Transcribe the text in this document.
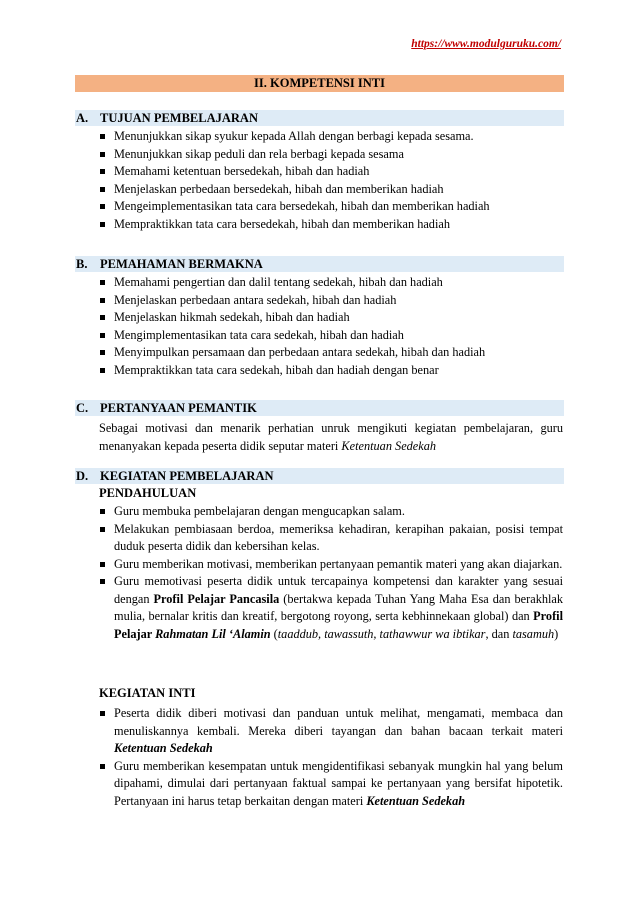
https://www.modulguruku.com/
II. KOMPETENSI INTI
A. TUJUAN PEMBELAJARAN
Menunjukkan sikap syukur kepada Allah dengan berbagi kepada sesama.
Menunjukkan sikap peduli dan rela berbagi kepada sesama
Memahami ketentuan bersedekah, hibah dan hadiah
Menjelaskan perbedaan bersedekah, hibah dan memberikan hadiah
Mengeimplementasikan tata cara bersedekah, hibah dan memberikan hadiah
Mempraktikkan tata cara bersedekah, hibah dan memberikan hadiah
B. PEMAHAMAN BERMAKNA
Memahami pengertian dan dalil tentang sedekah, hibah dan hadiah
Menjelaskan perbedaan antara sedekah, hibah dan hadiah
Menjelaskan hikmah sedekah, hibah dan hadiah
Mengimplementasikan tata cara sedekah, hibah dan hadiah
Menyimpulkan persamaan dan perbedaan antara sedekah, hibah dan hadiah
Mempraktikkan tata cara sedekah, hibah dan hadiah dengan benar
C. PERTANYAAN PEMANTIK
Sebagai motivasi dan menarik perhatian unruk mengikuti kegiatan pembelajaran, guru menanyakan kepada peserta didik seputar materi Ketentuan Sedekah
D. KEGIATAN PEMBELAJARAN
PENDAHULUAN
Guru membuka pembelajaran dengan mengucapkan salam.
Melakukan pembiasaan berdoa, memeriksa kehadiran, kerapihan pakaian, posisi tempat duduk peserta didik dan kebersihan kelas.
Guru memberikan motivasi, memberikan pertanyaan pemantik materi yang akan diajarkan.
Guru memotivasi peserta didik untuk tercapainya kompetensi dan karakter yang sesuai dengan Profil Pelajar Pancasila (bertakwa kepada Tuhan Yang Maha Esa dan berakhlak mulia, bernalar kritis dan kreatif, bergotong royong, serta kebhinnekaan global) dan Profil Pelajar Rahmatan Lil ‘Alamin (taaddub, tawassuth, tathawwur wa ibtikar, dan tasamuh)
KEGIATAN INTI
Peserta didik diberi motivasi dan panduan untuk melihat, mengamati, membaca dan menuliskannya kembali. Mereka diberi tayangan dan bahan bacaan terkait materi Ketentuan Sedekah
Guru memberikan kesempatan untuk mengidentifikasi sebanyak mungkin hal yang belum dipahami, dimulai dari pertanyaan faktual sampai ke pertanyaan yang bersifat hipotetik. Pertanyaan ini harus tetap berkaitan dengan materi Ketentuan Sedekah
